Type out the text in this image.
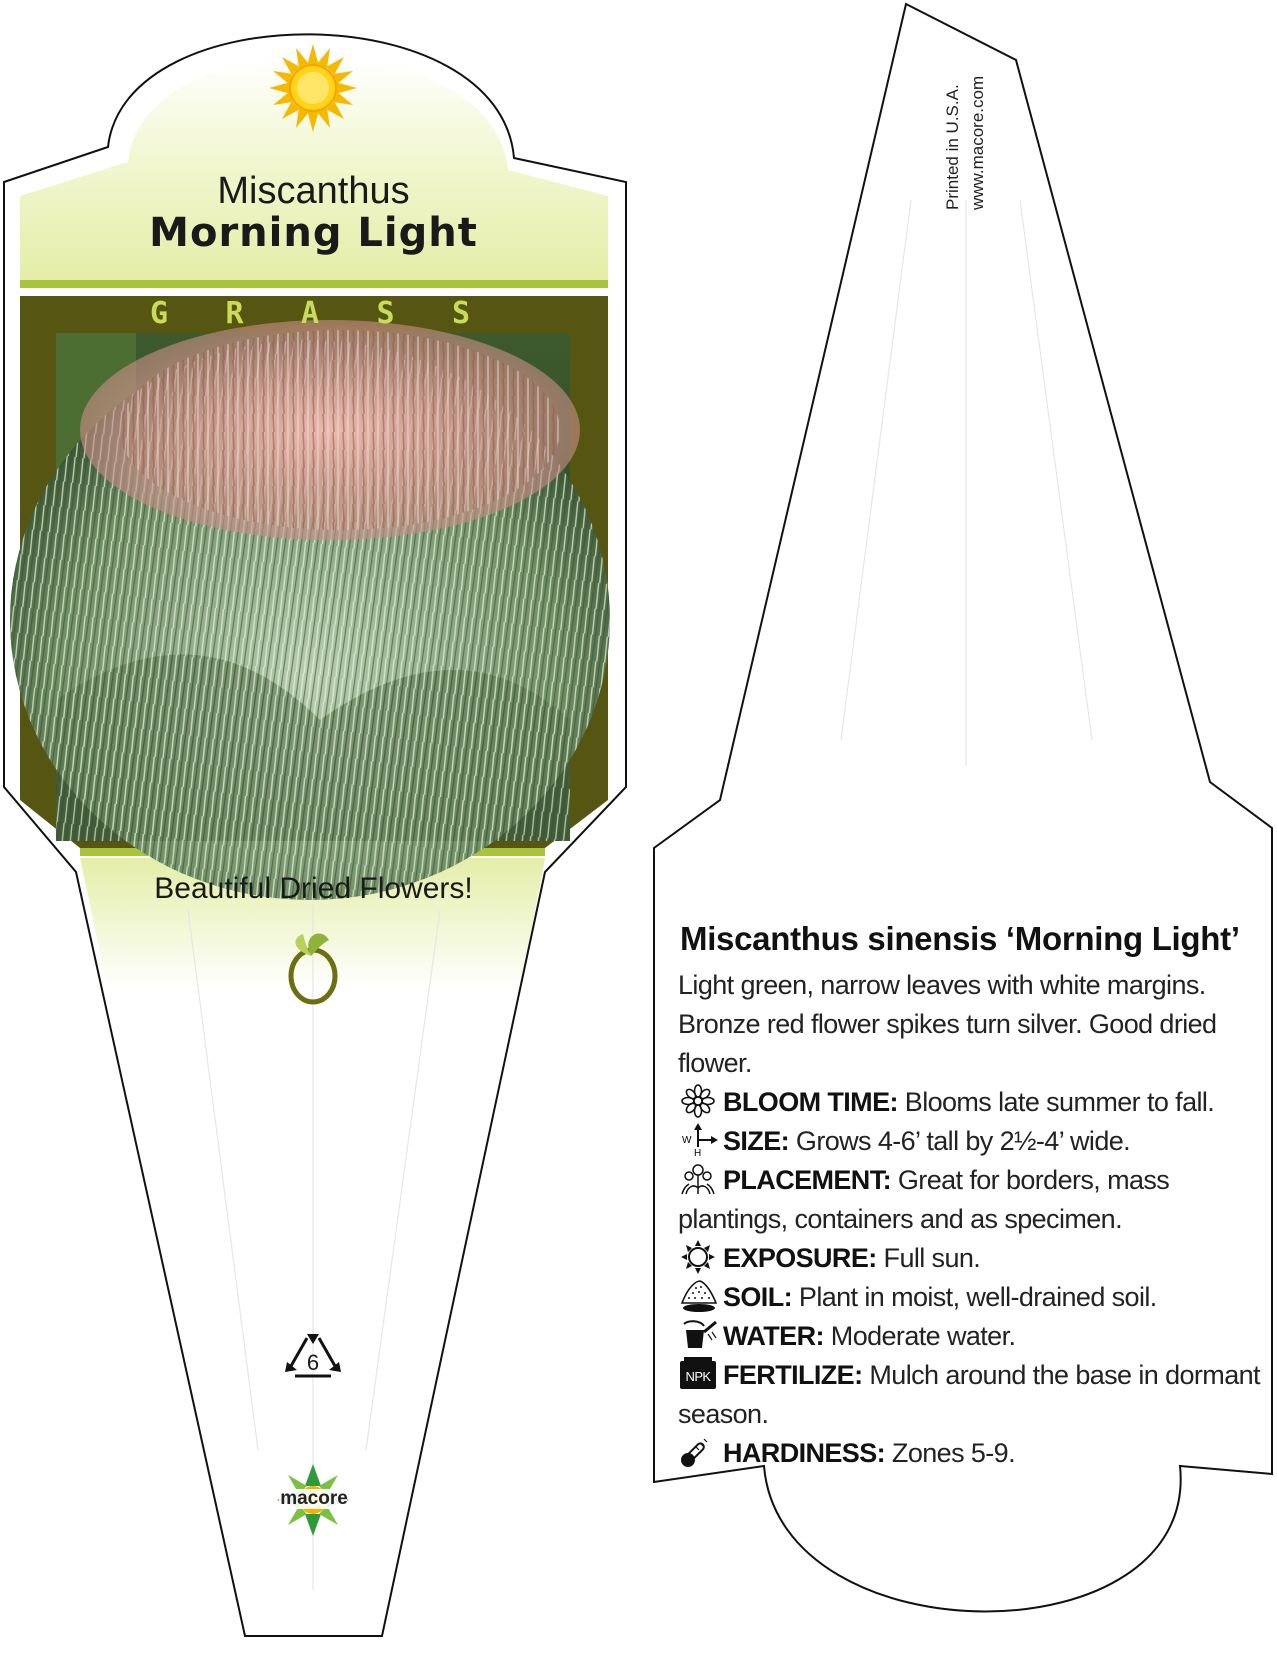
Miscanthus
Morning Light
G R A S S
Beautiful Dried Flowers!
6
macore
Printed in U.S.A. www.macore.com
Miscanthus sinensis ‘Morning Light’

Light green, narrow leaves with white margins. Bronze red flower spikes turn silver. Good dried flower.

BLOOM TIME: Blooms late summer to fall.
W
H SIZE: Grows 4-6’ tall by 2½-4’ wide.
PLACEMENT: Great for borders, mass plantings, containers and as specimen.
EXPOSURE: Full sun.
SOIL: Plant in moist, well-drained soil.
WATER: Moderate water.
NPK FERTILIZE: Mulch around the base in dormant season.
HARDINESS: Zones 5-9.
